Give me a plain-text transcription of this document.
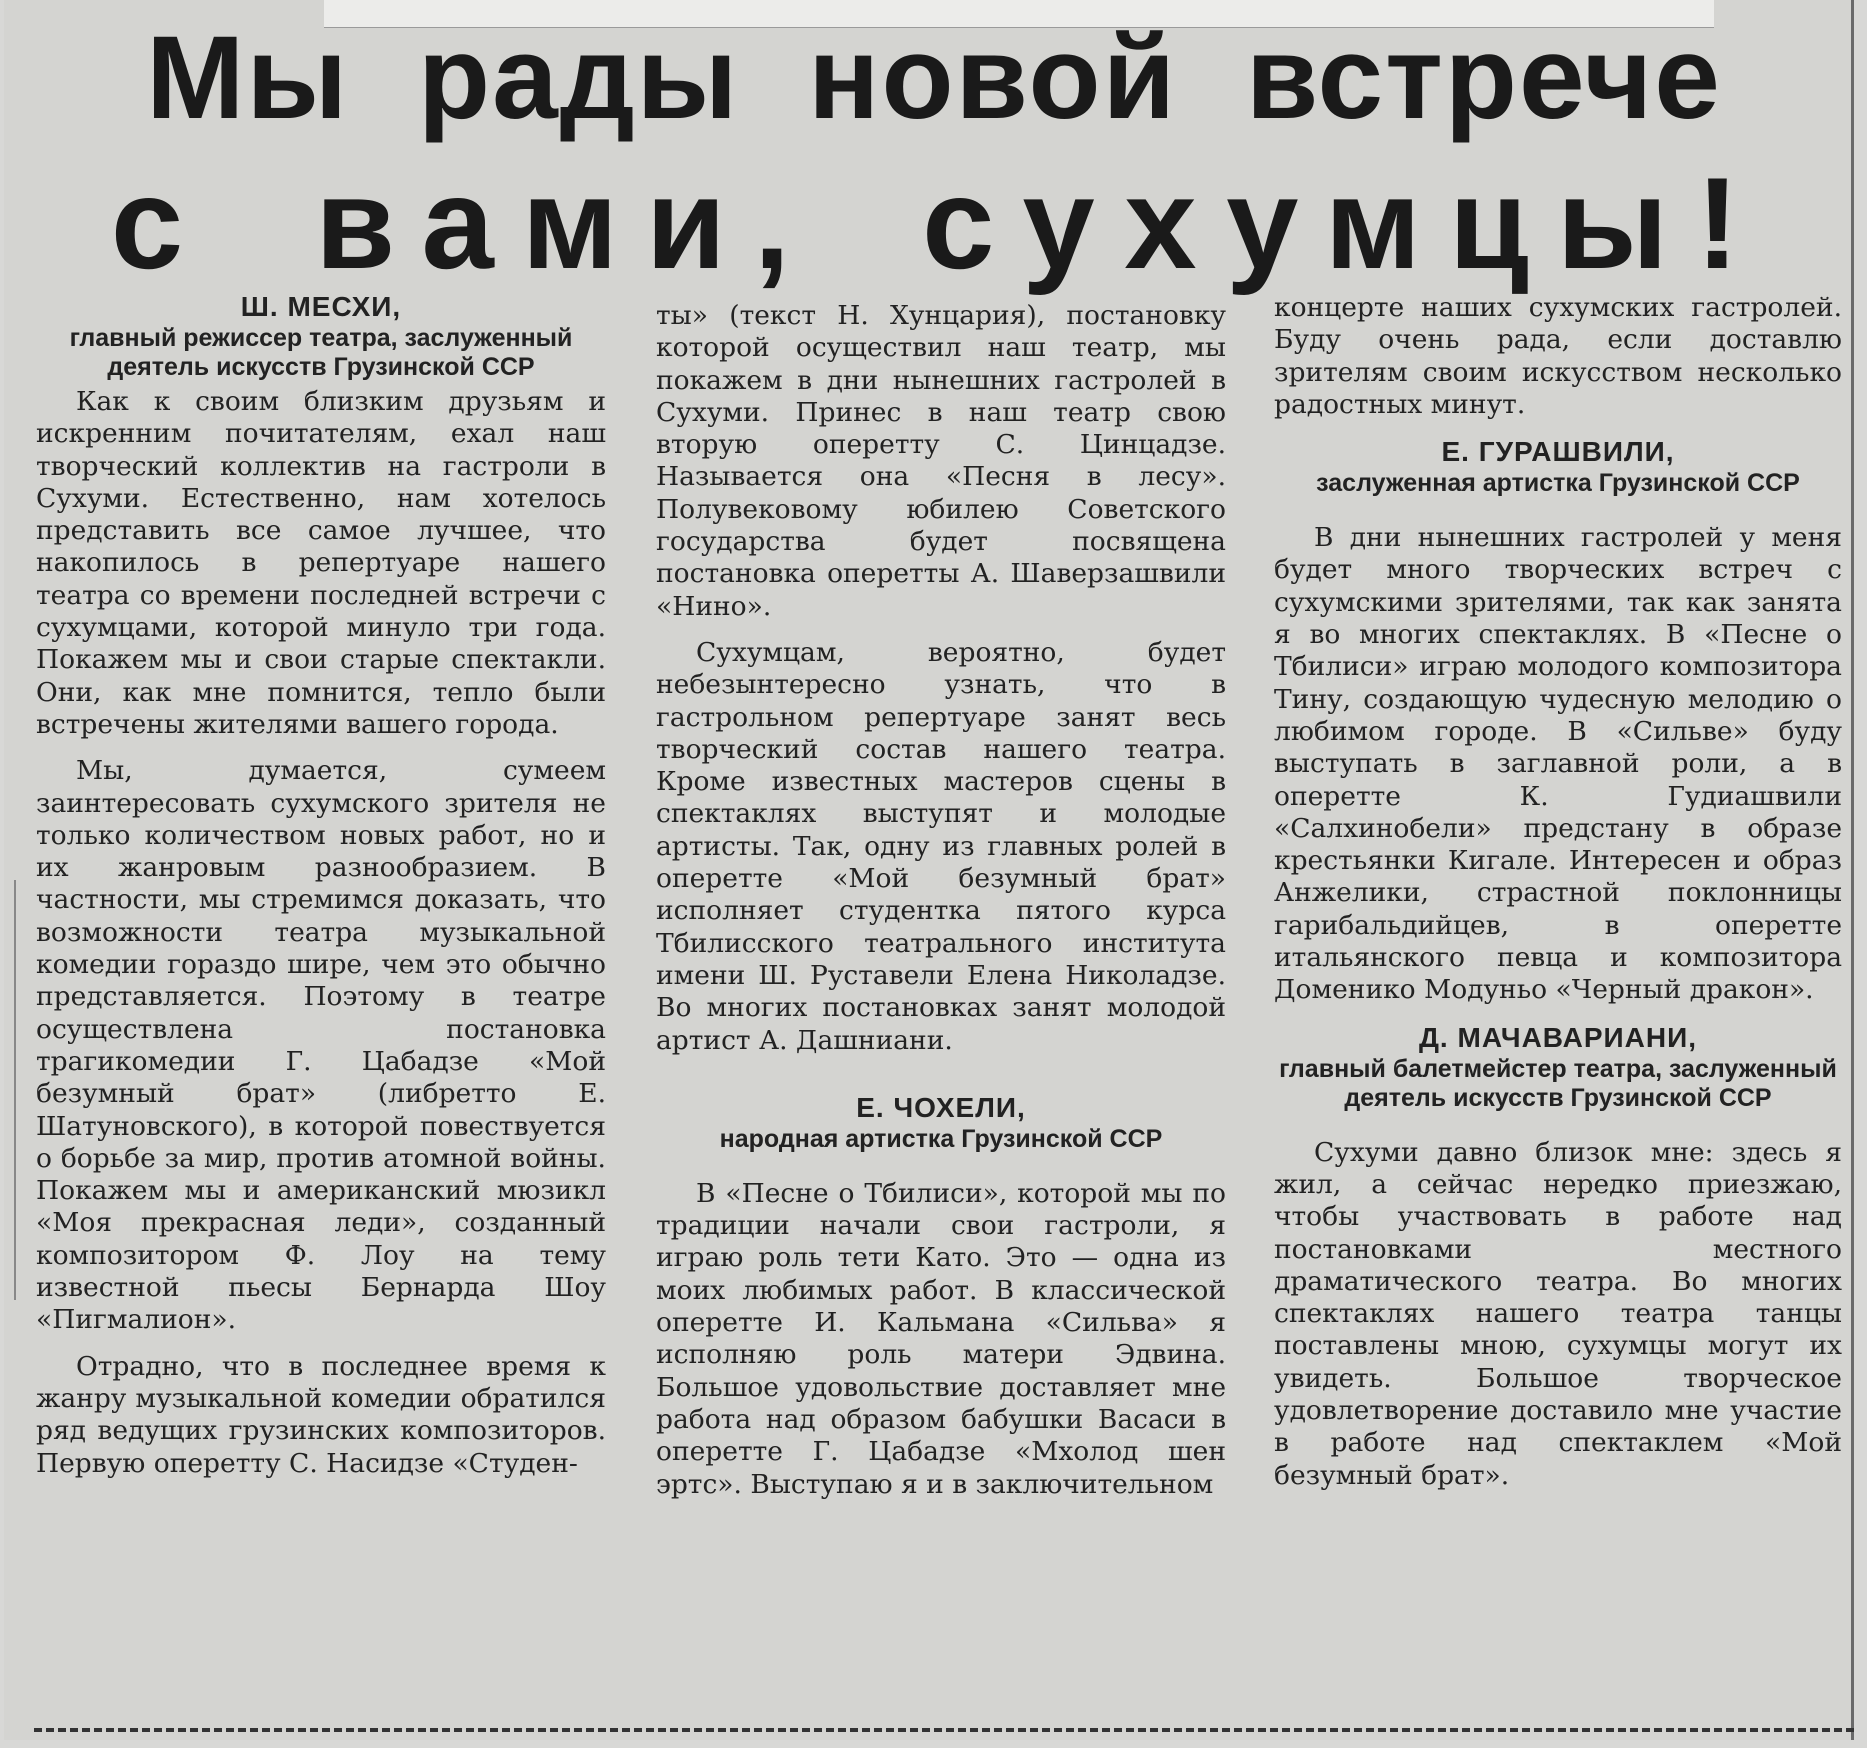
Мы рады новой встрече
с вами, сухумцы!
Ш. МЕСХИ,
главный режиссер театра, заслуженный деятель искусств Грузинской ССР

Как к своим близким друзьям и искренним почитателям, ехал наш творческий коллектив на гастроли в Сухуми. Естественно, нам хотелось представить все самое лучшее, что накопилось в репертуаре нашего театра со времени последней встречи с сухумцами, которой минуло три года. Покажем мы и свои старые спектакли. Они, как мне помнится, тепло были встречены жителями вашего города.

Мы, думается, сумеем заинтересовать сухумского зрителя не только количеством новых работ, но и их жанровым разнообразием. В частности, мы стремимся доказать, что возможности театра музыкальной комедии гораздо шире, чем это обычно представляется. Поэтому в театре осуществлена постановка трагикомедии Г. Цабадзе «Мой безумный брат» (либретто Е. Шатуновского), в которой повествуется о борьбе за мир, против атомной войны. Покажем мы и американский мюзикл «Моя прекрасная леди», созданный композитором Ф. Лоу на тему известной пьесы Бернарда Шоу «Пигмалион».

Отрадно, что в последнее время к жанру музыкальной комедии обратился ряд ведущих грузинских композиторов. Первую оперетту С. Насидзе «Студен-

ты» (текст Н. Хунцария), постановку которой осуществил наш театр, мы покажем в дни нынешних гастролей в Сухуми. Принес в наш театр свою вторую оперетту С. Цинцадзе. Называется она «Песня в лесу». Полувековому юбилею Советского государства будет посвящена постановка оперетты А. Шаверзашвили «Нино».

Сухумцам, вероятно, будет небезынтересно узнать, что в гастрольном репертуаре занят весь творческий состав нашего театра. Кроме известных мастеров сцены в спектаклях выступят и молодые артисты. Так, одну из главных ролей в оперетте «Мой безумный брат» исполняет студентка пятого курса Тбилисского театрального института имени Ш. Руставели Елена Николадзе. Во многих постановках занят молодой артист А. Дашниани.

Е. ЧОХЕЛИ,
народная артистка Грузинской ССР

В «Песне о Тбилиси», которой мы по традиции начали свои гастроли, я играю роль тети Като. Это — одна из моих любимых работ. В классической оперетте И. Кальмана «Сильва» я исполняю роль матери Эдвина. Большое удовольствие доставляет мне работа над образом бабушки Васаси в оперетте Г. Цабадзе «Мхолод шен эртс». Выступаю я и в заключительном

концерте наших сухумских гастролей. Буду очень рада, если доставлю зрителям своим искусством несколько радостных минут.

Е. ГУРАШВИЛИ,
заслуженная артистка Грузинской ССР

В дни нынешних гастролей у меня будет много творческих встреч с сухумскими зрителями, так как занята я во многих спектаклях. В «Песне о Тбилиси» играю молодого композитора Тину, создающую чудесную мелодию о любимом городе. В «Сильве» буду выступать в заглавной роли, а в оперетте К. Гудиашвили «Салхинобели» предстану в образе крестьянки Кигале. Интересен и образ Анжелики, страстной поклонницы гарибальдийцев, в оперетте итальянского певца и композитора Доменико Модуньо «Черный дракон».

Д. МАЧАВАРИАНИ,
главный балетмейстер театра, заслуженный деятель искусств Грузинской ССР

Сухуми давно близок мне: здесь я жил, а сейчас нередко приезжаю, чтобы участвовать в работе над постановками местного драматического театра. Во многих спектаклях нашего театра танцы поставлены мною, сухумцы могут их увидеть. Большое творческое удовлетворение доставило мне участие в работе над спектаклем «Мой безумный брат».
